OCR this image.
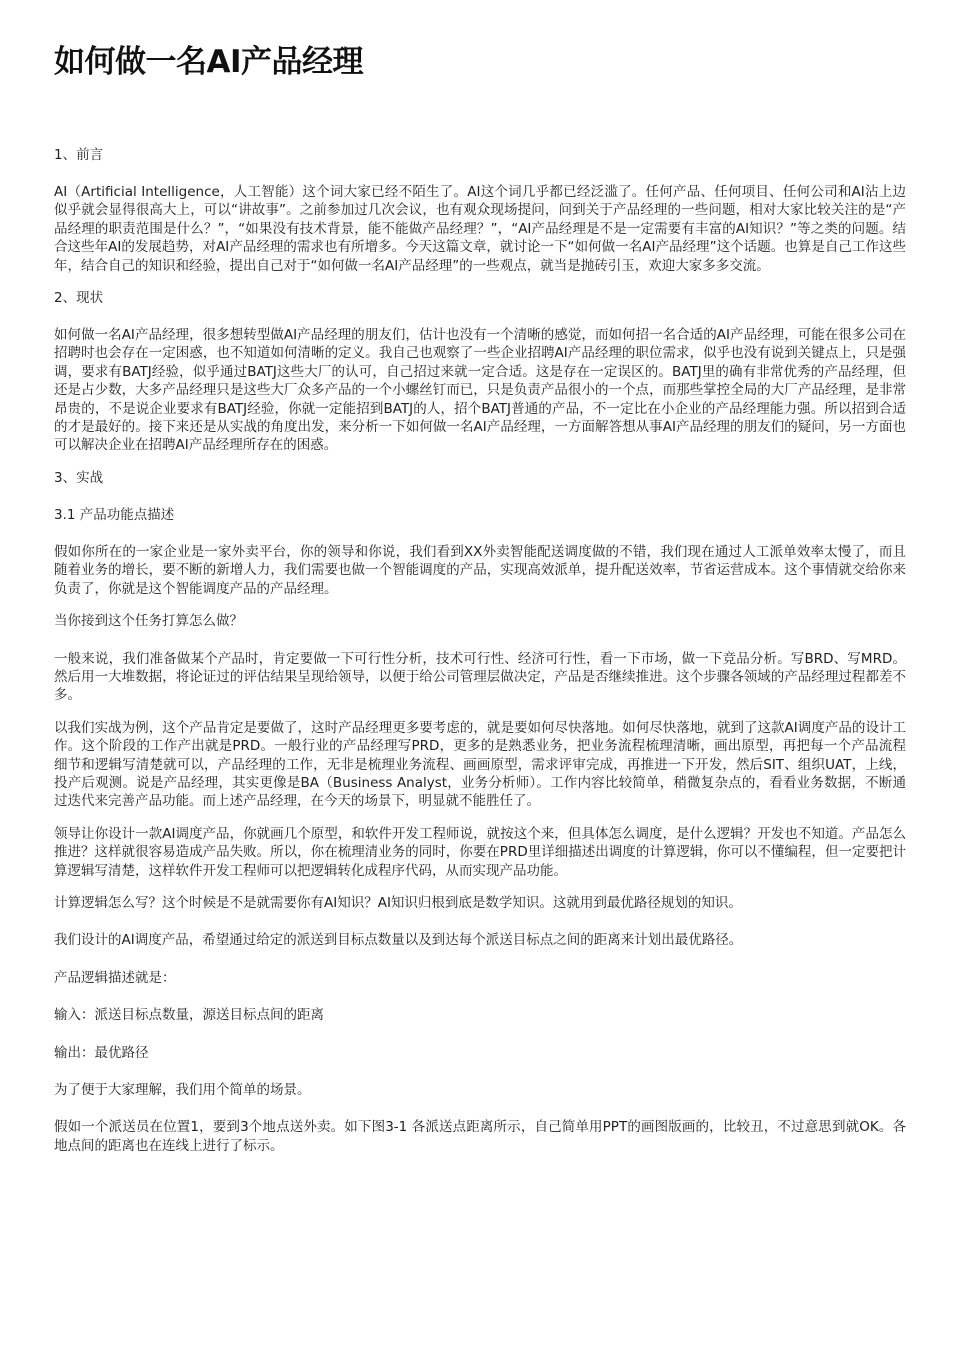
如何做一名AI产品经理
1、前言

AI（Artificial Intelligence，人工智能）这个词大家已经不陌生了。AI这个词几乎都已经泛滥了。任何产品、任何项目、任何公司和AI沾上边似乎就会显得很高大上，可以“讲故事”。之前参加过几次会议，也有观众现场提问，问到关于产品经理的一些问题，相对大家比较关注的是“产品经理的职责范围是什么？”，“如果没有技术背景，能不能做产品经理？”，“AI产品经理是不是一定需要有丰富的AI知识？”等之类的问题。结合这些年AI的发展趋势，对AI产品经理的需求也有所增多。今天这篇文章，就讨论一下“如何做一名AI产品经理”这个话题。也算是自己工作这些年，结合自己的知识和经验，提出自己对于“如何做一名AI产品经理”的一些观点，就当是抛砖引玉，欢迎大家多多交流。

2、现状

如何做一名AI产品经理，很多想转型做AI产品经理的朋友们，估计也没有一个清晰的感觉，而如何招一名合适的AI产品经理，可能在很多公司在招聘时也会存在一定困惑，也不知道如何清晰的定义。我自己也观察了一些企业招聘AI产品经理的职位需求，似乎也没有说到关键点上，只是强调，要求有BATJ经验，似乎通过BATJ这些大厂的认可，自己招过来就一定合适。这是存在一定误区的。BATJ里的确有非常优秀的产品经理，但还是占少数，大多产品经理只是这些大厂众多产品的一个小螺丝钉而已，只是负责产品很小的一个点，而那些掌控全局的大厂产品经理，是非常昂贵的，不是说企业要求有BATJ经验，你就一定能招到BATJ的人，招个BATJ普通的产品，不一定比在小企业的产品经理能力强。所以招到合适的才是最好的。接下来还是从实战的角度出发，来分析一下如何做一名AI产品经理，一方面解答想从事AI产品经理的朋友们的疑问，另一方面也可以解决企业在招聘AI产品经理所存在的困惑。

3、实战
3.1 产品功能点描述

假如你所在的一家企业是一家外卖平台，你的领导和你说，我们看到XX外卖智能配送调度做的不错，我们现在通过人工派单效率太慢了，而且随着业务的增长，要不断的新增人力，我们需要也做一个智能调度的产品，实现高效派单，提升配送效率，节省运营成本。这个事情就交给你来负责了，你就是这个智能调度产品的产品经理。

当你接到这个任务打算怎么做？

一般来说，我们准备做某个产品时，肯定要做一下可行性分析，技术可行性、经济可行性，看一下市场，做一下竞品分析。写BRD、写MRD。然后用一大堆数据，将论证过的评估结果呈现给领导，以便于给公司管理层做决定，产品是否继续推进。这个步骤各领域的产品经理过程都差不多。

以我们实战为例，这个产品肯定是要做了，这时产品经理更多要考虑的，就是要如何尽快落地。如何尽快落地，就到了这款AI调度产品的设计工作。这个阶段的工作产出就是PRD。一般行业的产品经理写PRD，更多的是熟悉业务，把业务流程梳理清晰，画出原型，再把每一个产品流程细节和逻辑写清楚就可以，产品经理的工作，无非是梳理业务流程、画画原型，需求评审完成，再推进一下开发，然后SIT、组织UAT，上线，投产后观测。说是产品经理，其实更像是BA（Business Analyst，业务分析师）。工作内容比较简单，稍微复杂点的，看看业务数据，不断通过迭代来完善产品功能。而上述产品经理，在今天的场景下，明显就不能胜任了。

领导让你设计一款AI调度产品，你就画几个原型，和软件开发工程师说，就按这个来，但具体怎么调度，是什么逻辑？开发也不知道。产品怎么推进？这样就很容易造成产品失败。所以，你在梳理清业务的同时，你要在PRD里详细描述出调度的计算逻辑，你可以不懂编程，但一定要把计算逻辑写清楚，这样软件开发工程师可以把逻辑转化成程序代码，从而实现产品功能。

计算逻辑怎么写？这个时候是不是就需要你有AI知识？AI知识归根到底是数学知识。这就用到最优路径规划的知识。

我们设计的AI调度产品，希望通过给定的派送到目标点数量以及到达每个派送目标点之间的距离来计划出最优路径。

产品逻辑描述就是：

输入：派送目标点数量，源送目标点间的距离

输出：最优路径

为了便于大家理解，我们用个简单的场景。

假如一个派送员在位置1，要到3个地点送外卖。如下图3-1 各派送点距离所示，自己简单用PPT的画图版画的，比较丑，不过意思到就OK。各地点间的距离也在连线上进行了标示。
